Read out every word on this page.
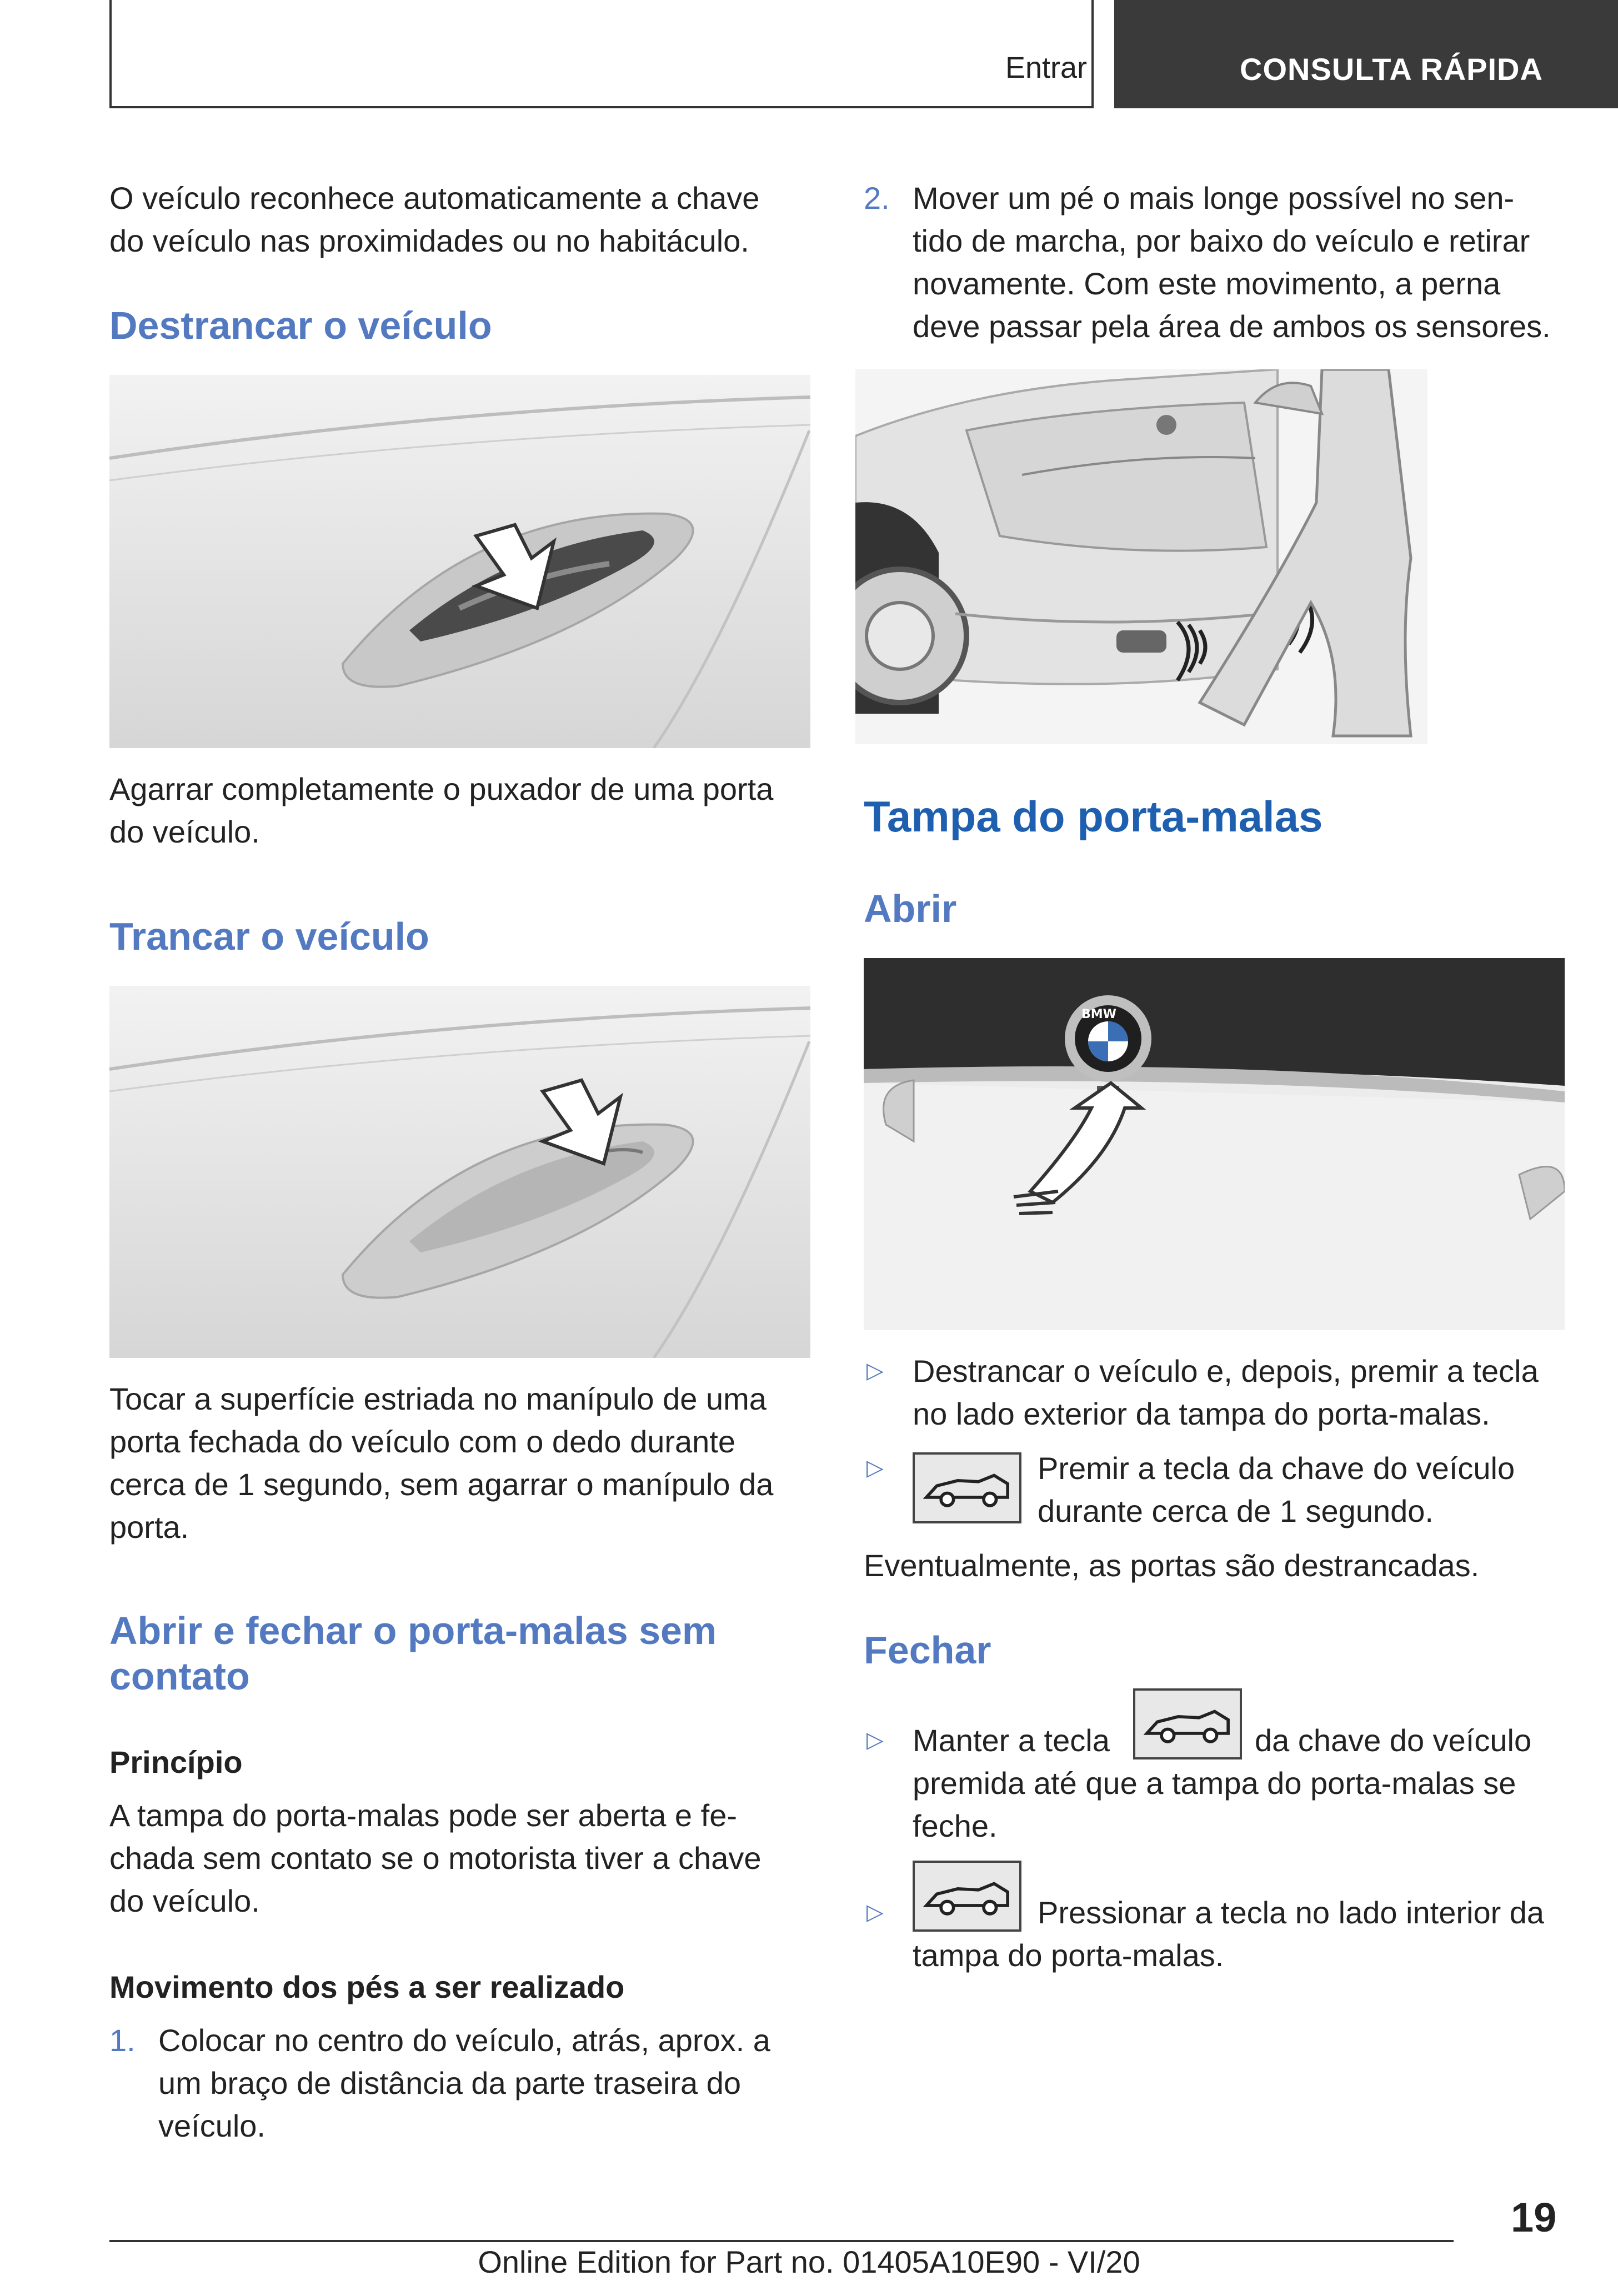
Entrar	CONSULTA RÁPIDA
O veículo reconhece automaticamente a chave
do veículo nas proximidades ou no habitáculo.
Destrancar o veículo
Agarrar completamente o puxador de uma porta
do veículo.
Trancar o veículo
Tocar a superfície estriada no manípulo de uma
porta fechada do veículo com o dedo durante
cerca de 1 segundo, sem agarrar o manípulo da
porta.
Abrir e fechar o porta-malas sem
contato
Princípio
A tampa do porta-malas pode ser aberta e fe-
chada sem contato se o motorista tiver a chave
do veículo.
Movimento dos pés a ser realizado
1. Colocar no centro do veículo, atrás, aprox. a
um braço de distância da parte traseira do
veículo.
2. Mover um pé o mais longe possível no sen-
tido de marcha, por baixo do veículo e retirar
novamente. Com este movimento, a perna
deve passar pela área de ambos os sensores.
Tampa do porta-malas
Abrir
BMW
▷ Destrancar o veículo e, depois, premir a tecla
no lado exterior da tampa do porta-malas.
▷	Premir a tecla da chave do veículo
durante cerca de 1 segundo.
Eventualmente, as portas são destrancadas.
Fechar
▷ Manter a tecla	da chave do veículo
premida até que a tampa do porta-malas se
feche.
▷	Pressionar a tecla no lado interior da
tampa do porta-malas.
19
Online Edition for Part no. 01405A10E90 - VI/20
